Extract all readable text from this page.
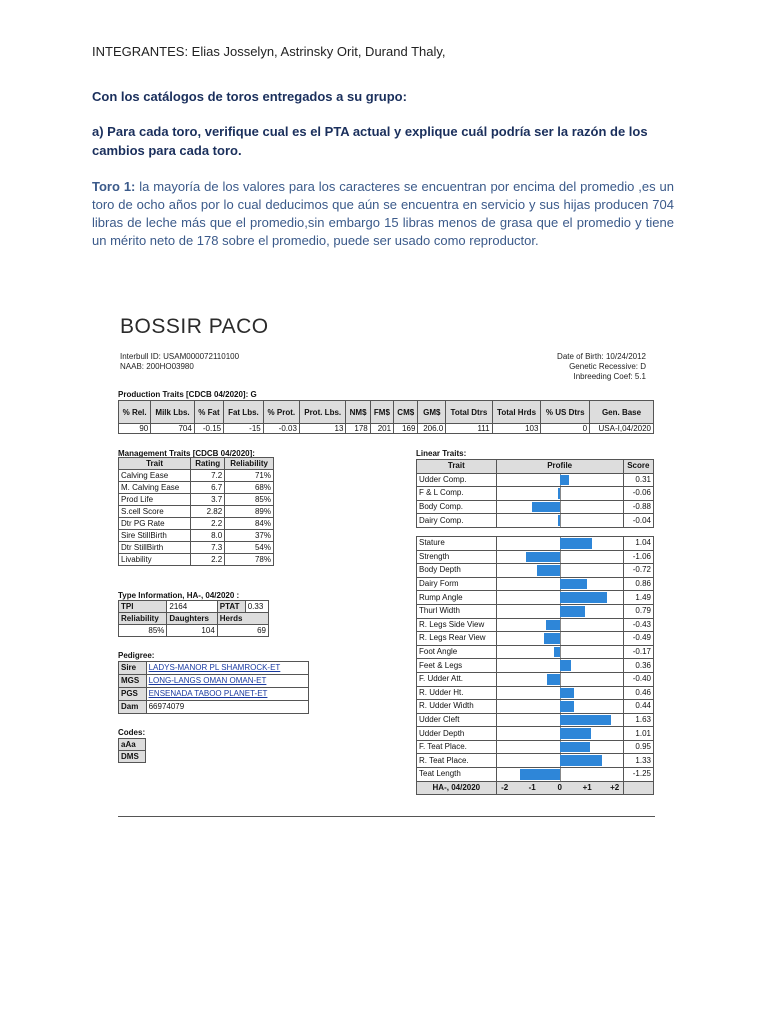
INTEGRANTES: Elias Josselyn, Astrinsky Orit, Durand Thaly,
Con los catálogos de toros entregados a su grupo:
a) Para cada toro, verifique cual es el PTA actual y explique cuál podría ser la razón de los cambios para cada toro.
Toro 1: la mayoría de los valores para los caracteres se encuentran por encima del promedio ,es un toro de ocho años por lo cual deducimos que aún se encuentra en servicio y sus hijas producen 704 libras de leche más que el promedio,sin embargo 15 libras menos de grasa que el promedio y tiene un mérito neto de 178 sobre el promedio, puede ser usado como reproductor.
BOSSIR PACO
Interbull ID: USAM000072110100
NAAB: 200HO03980
Date of Birth: 10/24/2012
Genetic Recessive: D
Inbreeding Coef: 5.1
Production Traits [CDCB 04/2020]: G
% Rel.	Milk Lbs.	% Fat	Fat Lbs.	% Prot.	Prot. Lbs.	NM$	FM$	CM$	GM$	Total Dtrs	Total Hrds	% US Dtrs	Gen. Base
90	704	-0.15	-15	-0.03	13	178	201	169	206.0	111	103	0	USA-I,04/2020
Management Traits [CDCB 04/2020]:
Trait	Rating	Reliability
Calving Ease	7.2	71%
M. Calving Ease	6.7	68%
Prod Life	3.7	85%
S.cell Score	2.82	89%
Dtr PG Rate	2.2	84%
Sire StillBirth	8.0	37%
Dtr StillBirth	7.3	54%
Livability	2.2	78%
Type Information, HA-, 04/2020 :
TPI	2164	PTAT	0.33
Reliability	Daughters	Herds	
85%	104	69	
Pedigree:
Sire	LADYS-MANOR PL SHAMROCK-ET
MGS	LONG-LANGS OMAN OMAN-ET
PGS	ENSENADA TABOO PLANET-ET
Dam	66974079
Codes:
aAa
DMS
Linear Traits:
Trait	Profile	Score
Udder Comp.		0.31
F & L Comp.		-0.06
Body Comp.		-0.88
Dairy Comp.		-0.04

Stature		1.04
Strength		-1.06
Body Depth		-0.72
Dairy Form		0.86
Rump Angle		1.49
Thurl Width		0.79
R. Legs Side View		-0.43
R. Legs Rear View		-0.49
Foot Angle		-0.17
Feet & Legs		0.36
F. Udder Att.		-0.40
R. Udder Ht.		0.46
R. Udder Width		0.44
Udder Cleft		1.63
Udder Depth		1.01
F. Teat Place.		0.95
R. Teat Place.		1.33
Teat Length		-1.25
HA-, 04/2020	-2 -1 0 +1 +2	
